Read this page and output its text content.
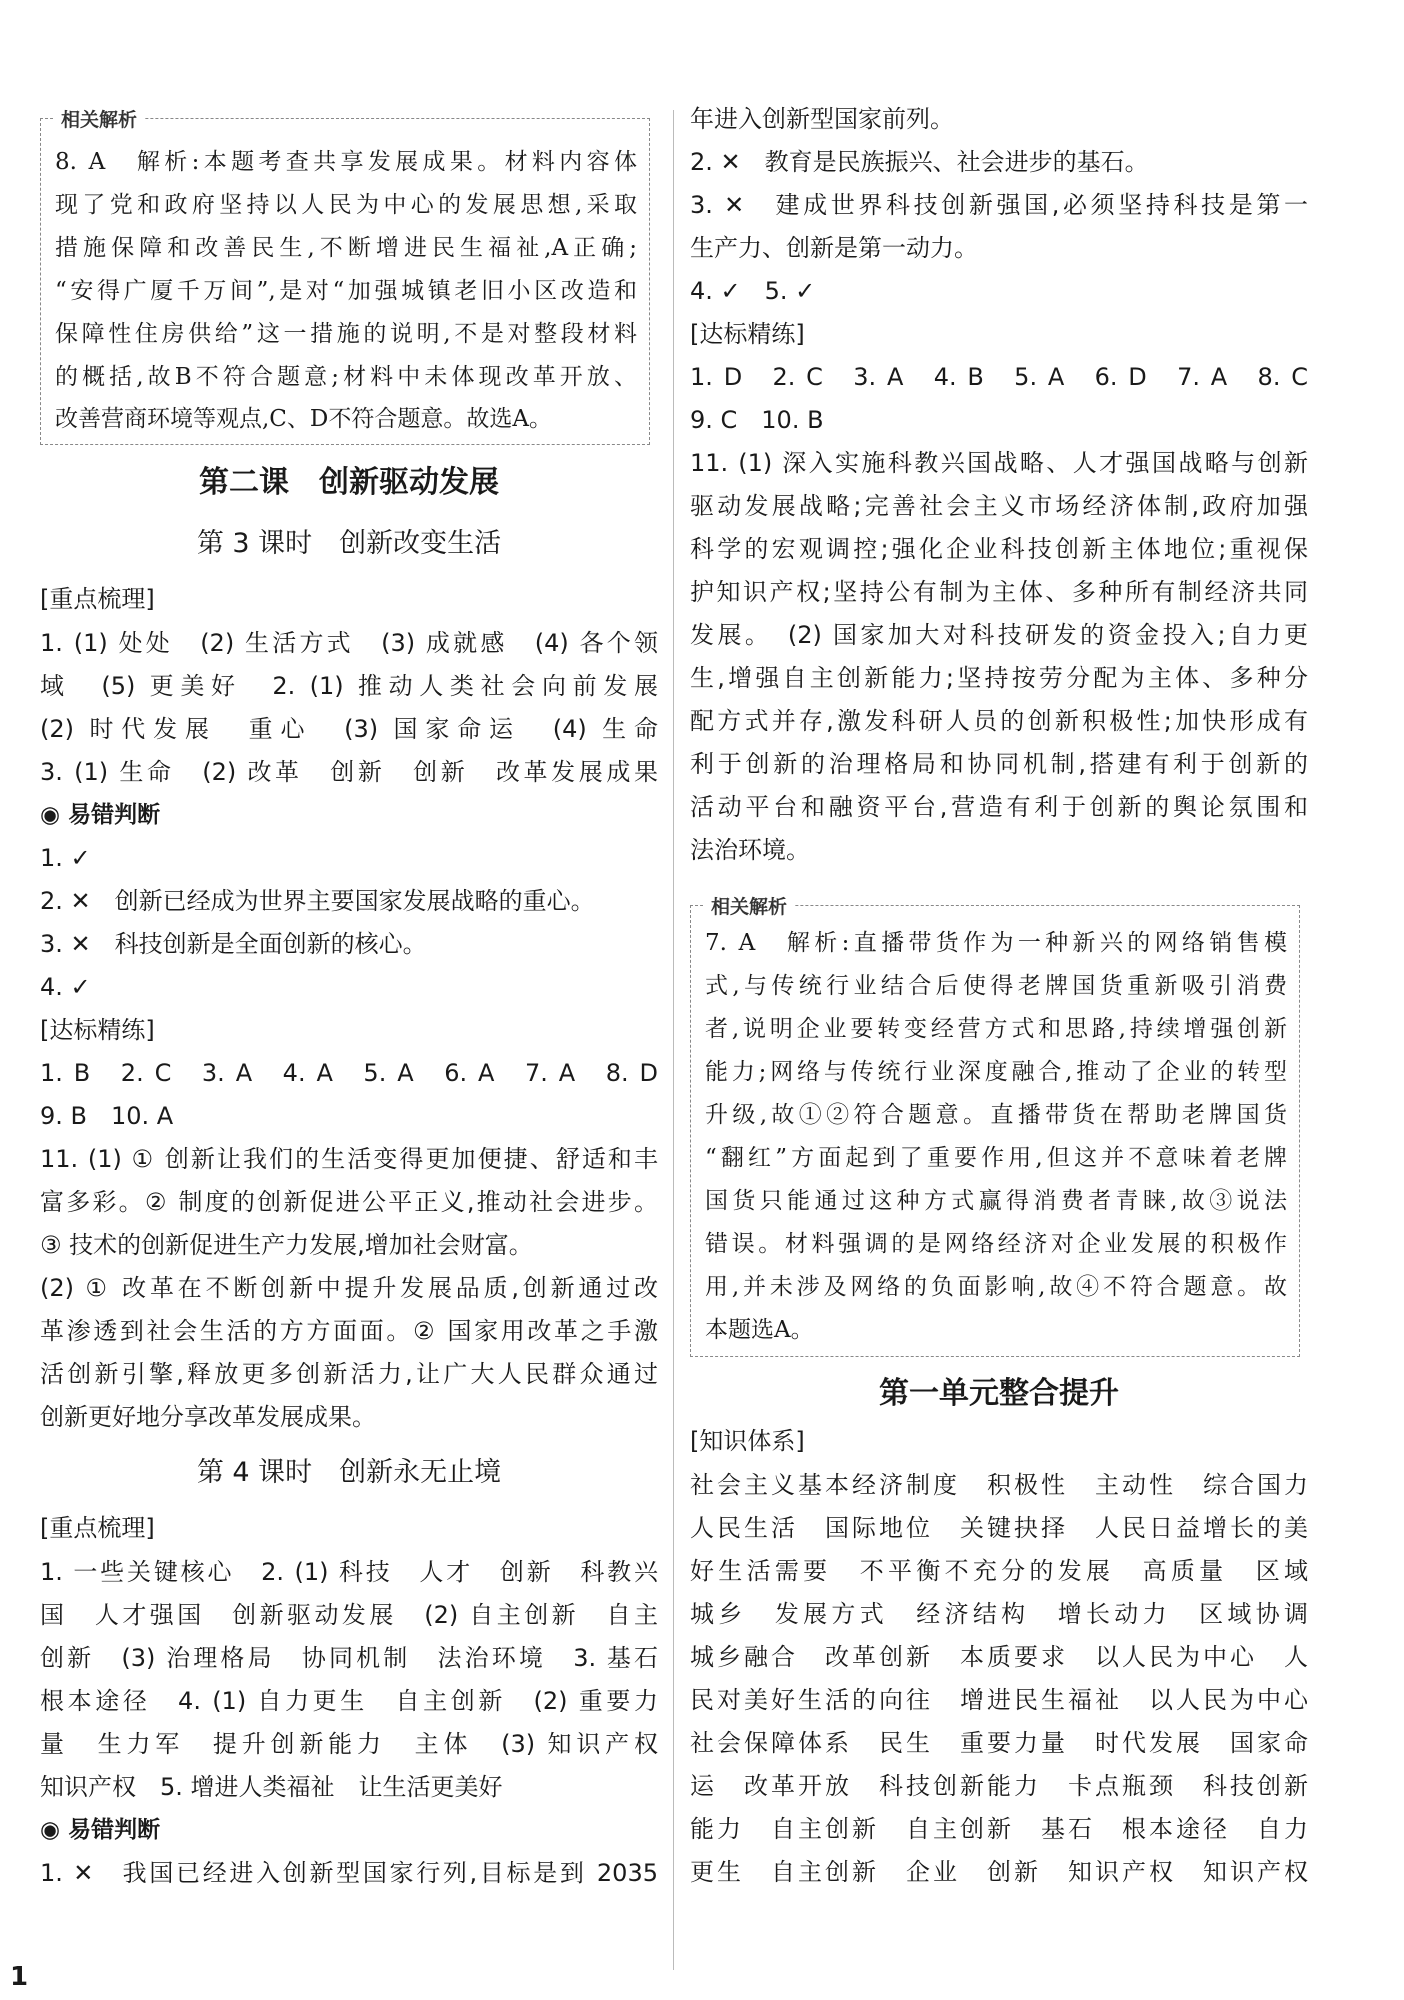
相关解析
8. A　解析:本题考查共享发展成果。材料内容体
现了党和政府坚持以人民为中心的发展思想,采取
措施保障和改善民生,不断增进民生福祉,A正确;
“安得广厦千万间”,是对“加强城镇老旧小区改造和
保障性住房供给”这一措施的说明,不是对整段材料
的概括,故B不符合题意;材料中未体现改革开放、
改善营商环境等观点,C、D不符合题意。故选A。
第二课　创新驱动发展
第 3 课时　创新改变生活
[重点梳理]
1. (1) 处处　(2) 生活方式　(3) 成就感　(4) 各个领
域　(5) 更美好　2. (1) 推动人类社会向前发展
(2) 时代发展　重心　(3) 国家命运　(4) 生命
3. (1) 生命　(2) 改革　创新　创新　改革发展成果
◉ 易错判断
1. ✓
2. ✕　创新已经成为世界主要国家发展战略的重心。
3. ✕　科技创新是全面创新的核心。
4. ✓
[达标精练]
1. B　2. C　3. A　4. A　5. A　6. A　7. A　8. D
9. B　10. A
11. (1) ① 创新让我们的生活变得更加便捷、舒适和丰
富多彩。② 制度的创新促进公平正义,推动社会进步。
③ 技术的创新促进生产力发展,增加社会财富。
(2) ① 改革在不断创新中提升发展品质,创新通过改
革渗透到社会生活的方方面面。② 国家用改革之手激
活创新引擎,释放更多创新活力,让广大人民群众通过
创新更好地分享改革发展成果。
第 4 课时　创新永无止境
[重点梳理]
1. 一些关键核心　2. (1) 科技　人才　创新　科教兴
国　人才强国　创新驱动发展　(2) 自主创新　自主
创新　(3) 治理格局　协同机制　法治环境　3. 基石
根本途径　4. (1) 自力更生　自主创新　(2) 重要力
量　生力军　提升创新能力　主体　(3) 知识产权
知识产权　5. 增进人类福祉　让生活更美好
◉ 易错判断
1. ✕　我国已经进入创新型国家行列,目标是到 2035
年进入创新型国家前列。
2. ✕　教育是民族振兴、社会进步的基石。
3. ✕　建成世界科技创新强国,必须坚持科技是第一
生产力、创新是第一动力。
4. ✓　5. ✓
[达标精练]
1. D　2. C　3. A　4. B　5. A　6. D　7. A　8. C
9. C　10. B
11. (1) 深入实施科教兴国战略、人才强国战略与创新
驱动发展战略;完善社会主义市场经济体制,政府加强
科学的宏观调控;强化企业科技创新主体地位;重视保
护知识产权;坚持公有制为主体、多种所有制经济共同
发展。　(2) 国家加大对科技研发的资金投入;自力更
生,增强自主创新能力;坚持按劳分配为主体、多种分
配方式并存,激发科研人员的创新积极性;加快形成有
利于创新的治理格局和协同机制,搭建有利于创新的
活动平台和融资平台,营造有利于创新的舆论氛围和
法治环境。
相关解析
7. A　解析:直播带货作为一种新兴的网络销售模
式,与传统行业结合后使得老牌国货重新吸引消费
者,说明企业要转变经营方式和思路,持续增强创新
能力;网络与传统行业深度融合,推动了企业的转型
升级,故①②符合题意。直播带货在帮助老牌国货
“翻红”方面起到了重要作用,但这并不意味着老牌
国货只能通过这种方式赢得消费者青睐,故③说法
错误。材料强调的是网络经济对企业发展的积极作
用,并未涉及网络的负面影响,故④不符合题意。故
本题选A。
第一单元整合提升
[知识体系]
社会主义基本经济制度　积极性　主动性　综合国力
人民生活　国际地位　关键抉择　人民日益增长的美
好生活需要　不平衡不充分的发展　高质量　区域
城乡　发展方式　经济结构　增长动力　区域协调
城乡融合　改革创新　本质要求　以人民为中心　人
民对美好生活的向往　增进民生福祉　以人民为中心
社会保障体系　民生　重要力量　时代发展　国家命
运　改革开放　科技创新能力　卡点瓶颈　科技创新
能力　自主创新　自主创新　基石　根本途径　自力
更生　自主创新　企业　创新　知识产权　知识产权
1
